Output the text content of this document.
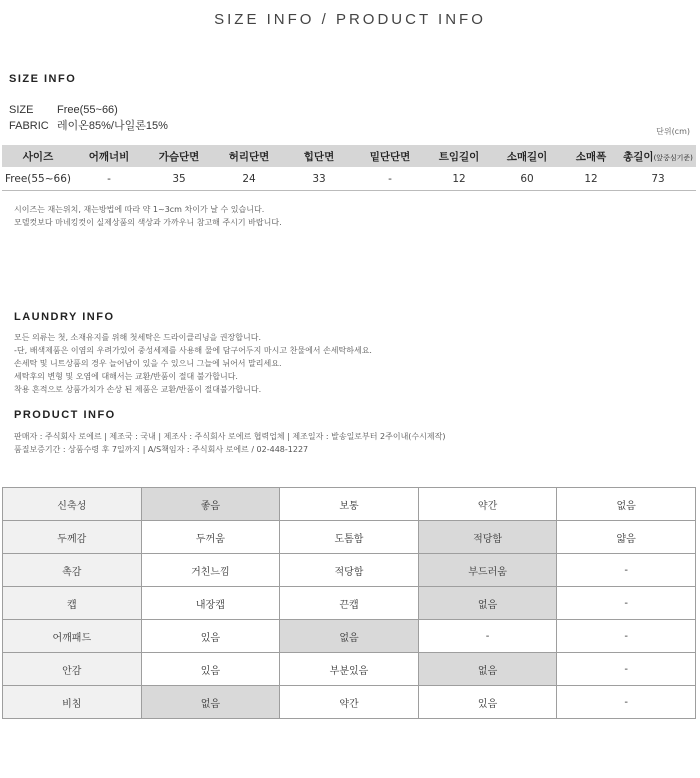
SIZE INFO / PRODUCT INFO
SIZE INFO
SIZE Free(55~66)
FABRIC 레이온85%/나일론15%	단위(cm)
사이즈	어깨너비	가슴단면	허리단면	힙단면	밑단단면	트임길이	소매길이	소매폭	총길이(앞중심기준)
Free(55~66)	-	35	24	33	-	12	60	12	73
시이즈는 재는위치, 재는방법에 따라 약 1~3cm 차이가 날 수 있습니다.
모델컷보다 마네킹컷이 실제상품의 색상과 가까우니 참고해 주시기 바랍니다.
LAUNDRY INFO
모든 의류는 첫, 소재유지를 위해 첫세탁은 드라이클리닝을 권장합니다.
-단, 배색제품은 이염의 우려가있어 중성세제를 사용해 물에 담구어두지 마시고 찬물에서 손세탁하세요.
손세탁 및 니트상품의 경우 늘어남이 있을 수 있으니 그늘에 뉘어서 말리세요.
세탁후의 변형 및 오염에 대해서는 교환/반품이 절대 불가합니다.
착용 흔적으로 상품가치가 손상 된 제품은 교환/반품이 절대불가합니다.
PRODUCT INFO
판매자 : 주식회사 로에르 | 제조국 : 국내 | 제조사 : 주식회사 로에르 협력업체 | 제조일자 : 발송일로부터 2주이내(수시제작)
품질보증기간 : 상품수령 후 7일까지 | A/S책임자 : 주식회사 로에르 / 02-448-1227
신축성	좋음	보통	약간	없음
두께감	두꺼움	도톰함	적당함	얇음
촉감	거친느낌	적당함	부드러움	-
캡	내장캡	끈캡	없음	-
어깨패드	있음	없음	-	-
안감	있음	부분있음	없음	-
비침	없음	약간	있음	-
